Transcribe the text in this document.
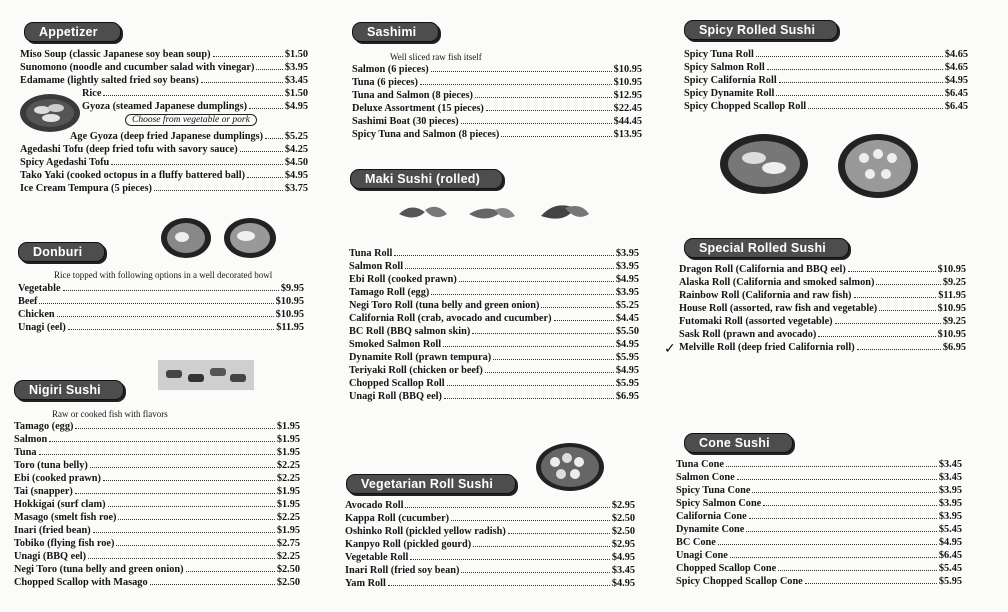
Appetizer
Miso Soup (classic Japanese soy bean soup)	$1.50
Sunomono (noodle and cucumber salad with vinegar)	$3.95
Edamame (lightly salted fried soy beans)	$3.45
Rice	$1.50
Gyoza (steamed Japanese dumplings)	$4.95
Age Gyoza (deep fried Japanese dumplings) $5.25
Agedashi Tofu (deep fried tofu with savory sauce)	$4.25
Spicy Agedashi Tofu	$4.50
Tako Yaki (cooked octopus in a fluffy battered ball)	$4.95
Ice Cream Tempura (5 pieces)	$3.75
Choose from vegetable or pork
Donburi
Rice topped with following options in a well decorated bowl
Vegetable	$9.95
Beef	$10.95
Chicken	$10.95
Unagi (eel)	$11.95
Nigiri Sushi
Raw or cooked fish with flavors
Tamago (egg)	$1.95
Salmon	$1.95
Tuna	$1.95
Toro (tuna belly)	$2.25
Ebi (cooked prawn)	$2.25
Tai (snapper)	$1.95
Hokkigai (surf clam)	$1.95
Masago (smelt fish roe)	$2.25
Inari (fried bean)	$1.95
Tobiko (flying fish roe)	$2.75
Unagi (BBQ eel)	$2.25
Negi Toro (tuna belly and green onion)	$2.50
Chopped Scallop with Masago	$2.50
Sashimi
Well sliced raw fish itself
Salmon (6 pieces)	$10.95
Tuna (6 pieces)	$10.95
Tuna and Salmon (8 pieces)	$12.95
Deluxe Assortment (15 pieces)	$22.45
Sashimi Boat (30 pieces)	$44.45
Spicy Tuna and Salmon (8 pieces)	$13.95
Maki Sushi (rolled)
Tuna Roll	$3.95
Salmon Roll	$3.95
Ebi Roll (cooked prawn)	$4.95
Tamago Roll (egg)	$3.95
Negi Toro Roll (tuna belly and green onion)	$5.25
California Roll (crab, avocado and cucumber)	$4.45
BC Roll (BBQ salmon skin)	$5.50
Smoked Salmon Roll	$4.95
Dynamite Roll (prawn tempura)	$5.95
Teriyaki Roll (chicken or beef)	$4.95
Chopped Scallop Roll	$5.95
Unagi Roll (BBQ eel)	$6.95
Vegetarian Roll Sushi
Avocado Roll	$2.95
Kappa Roll (cucumber)	$2.50
Oshinko Roll (pickled yellow radish)	$2.50
Kanpyo Roll (pickled gourd)	$2.95
Vegetable Roll	$4.95
Inari Roll (fried soy bean)	$3.45
Yam Roll	$4.95
Spicy Rolled Sushi
Spicy Tuna Roll	$4.65
Spicy Salmon Roll	$4.65
Spicy California Roll	$4.95
Spicy Dynamite Roll	$6.45
Spicy Chopped Scallop Roll	$6.45
Special Rolled Sushi
Dragon Roll (California and BBQ eel)	$10.95
Alaska Roll (California and smoked salmon)	$9.25
Rainbow Roll (California and raw fish)	$11.95
House Roll (assorted, raw fish and vegetable)	$10.95
Futomaki Roll (assorted vegetable)	$9.25
Sask Roll (prawn and avocado)	$10.95
Melville Roll (deep fried California roll)	$6.95
✓
Cone Sushi
Tuna Cone	$3.45
Salmon Cone	$3.45
Spicy Tuna Cone	$3.95
Spicy Salmon Cone	$3.95
California Cone	$3.95
Dynamite Cone	$5.45
BC Cone	$4.95
Unagi Cone	$6.45
Chopped Scallop Cone	$5.45
Spicy Chopped Scallop Cone	$5.95
